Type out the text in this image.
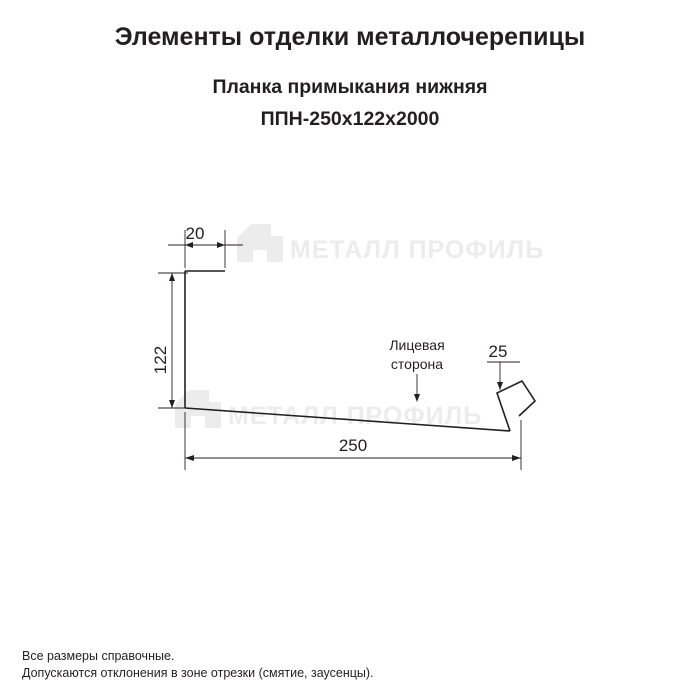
Элементы отделки металлочерепицы
Планка примыкания нижняя
ППН-250x122x2000
МЕТАЛЛ ПРОФИЛЬ
МЕТАЛЛ ПРОФИЛЬ
20
122
250
25
Лицевая
сторона
Все размеры справочные.
Допускаются отклонения в зоне отрезки (смятие, заусенцы).
